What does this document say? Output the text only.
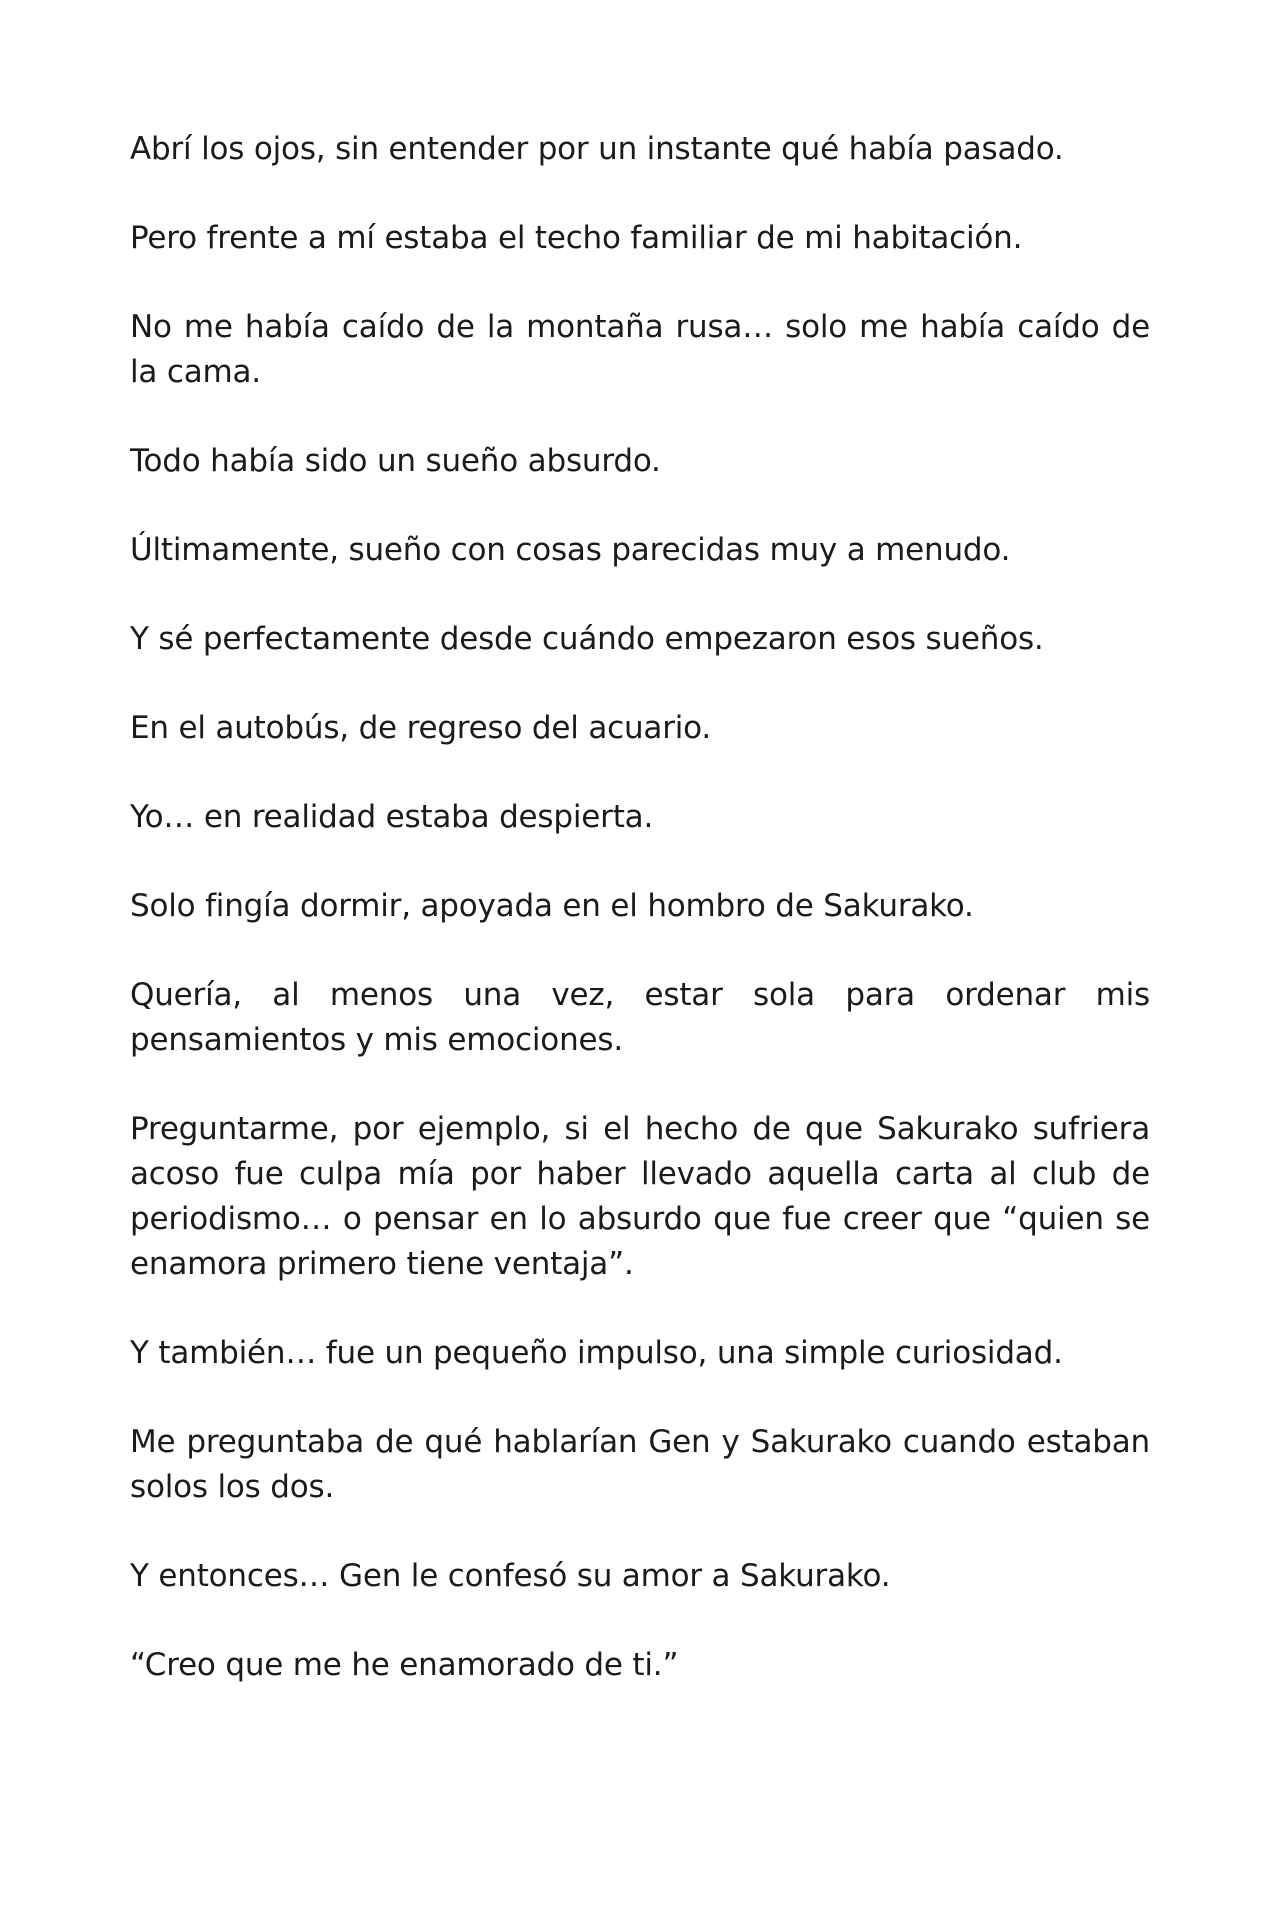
Abrí los ojos, sin entender por un instante qué había pasado.

Pero frente a mí estaba el techo familiar de mi habitación.

No me había caído de la montaña rusa… solo me había caído de la cama.

Todo había sido un sueño absurdo.

Últimamente, sueño con cosas parecidas muy a menudo.

Y sé perfectamente desde cuándo empezaron esos sueños.

En el autobús, de regreso del acuario.

Yo… en realidad estaba despierta.

Solo fingía dormir, apoyada en el hombro de Sakurako.

Quería, al menos una vez, estar sola para ordenar mis pensamientos y mis emociones.

Preguntarme, por ejemplo, si el hecho de que Sakurako sufriera acoso fue culpa mía por haber llevado aquella carta al club de periodismo… o pensar en lo absurdo que fue creer que “quien se enamora primero tiene ventaja”.

Y también… fue un pequeño impulso, una simple curiosidad.

Me preguntaba de qué hablarían Gen y Sakurako cuando estaban solos los dos.

Y entonces… Gen le confesó su amor a Sakurako.

“Creo que me he enamorado de ti.”
